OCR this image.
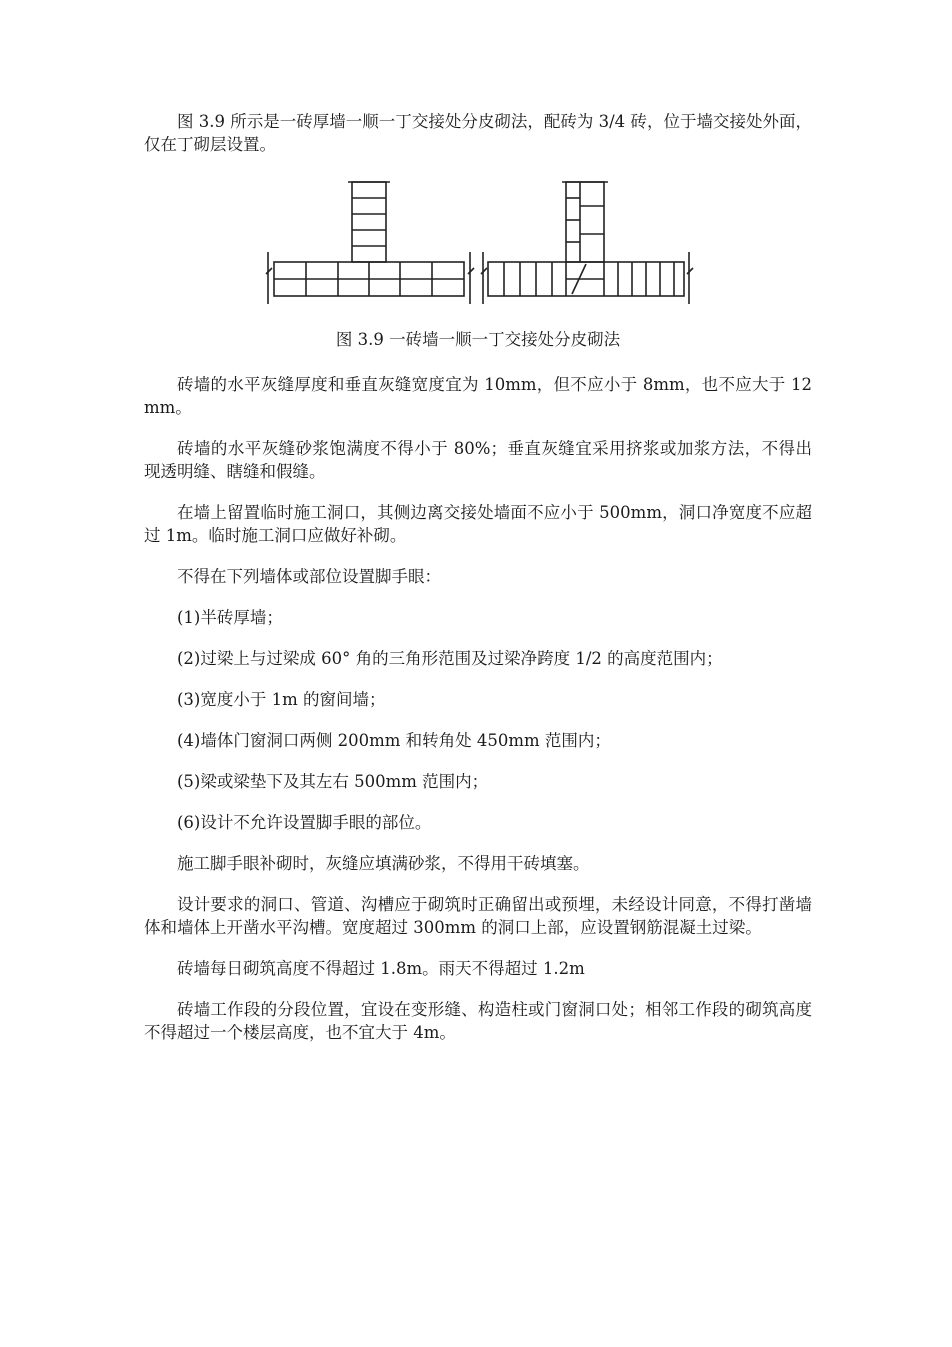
图 3.9 所示是一砖厚墙一顺一丁交接处分皮砌法，配砖为 3/4 砖，位于墙交接处外面，仅在丁砌层设置。

图 3.9 一砖墙一顺一丁交接处分皮砌法

砖墙的水平灰缝厚度和垂直灰缝宽度宜为 10mm，但不应小于 8mm，也不应大于 12mm。

砖墙的水平灰缝砂浆饱满度不得小于 80%；垂直灰缝宜采用挤浆或加浆方法，不得出现透明缝、瞎缝和假缝。

在墙上留置临时施工洞口，其侧边离交接处墙面不应小于 500mm，洞口净宽度不应超过 1m。临时施工洞口应做好补砌。

不得在下列墙体或部位设置脚手眼：

(1)半砖厚墙；

(2)过梁上与过梁成 60° 角的三角形范围及过梁净跨度 1/2 的高度范围内；

(3)宽度小于 1m 的窗间墙；

(4)墙体门窗洞口两侧 200mm 和转角处 450mm 范围内；

(5)梁或梁垫下及其左右 500mm 范围内；

(6)设计不允许设置脚手眼的部位。

施工脚手眼补砌时，灰缝应填满砂浆，不得用干砖填塞。

设计要求的洞口、管道、沟槽应于砌筑时正确留出或预埋，未经设计同意，不得打凿墙体和墙体上开凿水平沟槽。宽度超过 300mm 的洞口上部，应设置钢筋混凝土过梁。

砖墙每日砌筑高度不得超过 1.8m。雨天不得超过 1.2m

砖墙工作段的分段位置，宜设在变形缝、构造柱或门窗洞口处；相邻工作段的砌筑高度不得超过一个楼层高度，也不宜大于 4m。
